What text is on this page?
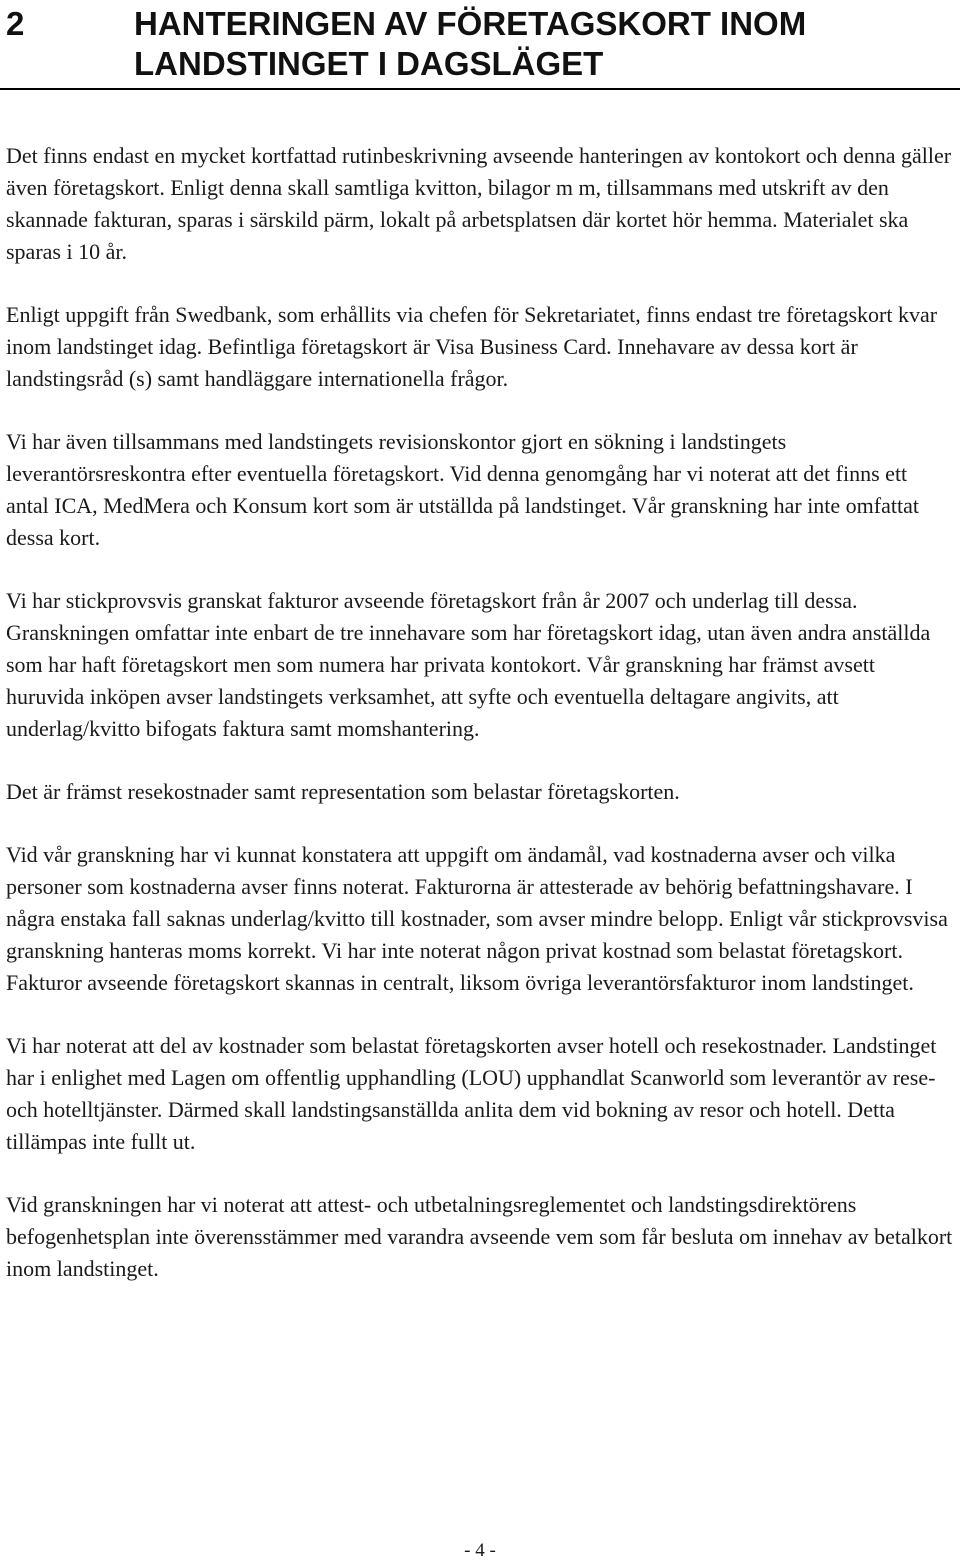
2	HANTERINGEN AV FÖRETAGSKORT INOM
LANDSTINGET I DAGSLÄGET

Det finns endast en mycket kortfattad rutinbeskrivning avseende hanteringen av kontokort och denna gäller även företagskort. Enligt denna skall samtliga kvitton, bilagor m m, tillsammans med utskrift av den skannade fakturan, sparas i särskild pärm, lokalt på arbetsplatsen där kortet hör hemma. Materialet ska sparas i 10 år.

Enligt uppgift från Swedbank, som erhållits via chefen för Sekretariatet, finns endast tre företagskort kvar inom landstinget idag. Befintliga företagskort är Visa Business Card. Innehavare av dessa kort är landstingsråd (s) samt handläggare internationella frågor.

Vi har även tillsammans med landstingets revisionskontor gjort en sökning i landstingets leverantörsreskontra efter eventuella företagskort. Vid denna genomgång har vi noterat att det finns ett antal ICA, MedMera och Konsum kort som är utställda på landstinget. Vår granskning har inte omfattat dessa kort.

Vi har stickprovsvis granskat fakturor avseende företagskort från år 2007 och underlag till dessa. Granskningen omfattar inte enbart de tre innehavare som har företagskort idag, utan även andra anställda som har haft företagskort men som numera har privata kontokort. Vår granskning har främst avsett huruvida inköpen avser landstingets verksamhet, att syfte och eventuella deltagare angivits, att underlag/kvitto bifogats faktura samt momshantering.

Det är främst resekostnader samt representation som belastar företagskorten.

Vid vår granskning har vi kunnat konstatera att uppgift om ändamål, vad kostnaderna avser och vilka personer som kostnaderna avser finns noterat. Fakturorna är attesterade av behörig befattningshavare. I några enstaka fall saknas underlag/kvitto till kostnader, som avser mindre belopp. Enligt vår stickprovsvisa granskning hanteras moms korrekt. Vi har inte noterat någon privat kostnad som belastat företagskort. Fakturor avseende företagskort skannas in centralt, liksom övriga leverantörsfakturor inom landstinget.

Vi har noterat att del av kostnader som belastat företagskorten avser hotell och resekostnader. Landstinget har i enlighet med Lagen om offentlig upphandling (LOU) upphandlat Scanworld som leverantör av rese- och hotelltjänster. Därmed skall landstingsanställda anlita dem vid bokning av resor och hotell. Detta tillämpas inte fullt ut.

Vid granskningen har vi noterat att attest- och utbetalningsreglementet och landstingsdirektörens befogenhetsplan inte överensstämmer med varandra avseende vem som får besluta om innehav av betalkort inom landstinget.

- 4 -
